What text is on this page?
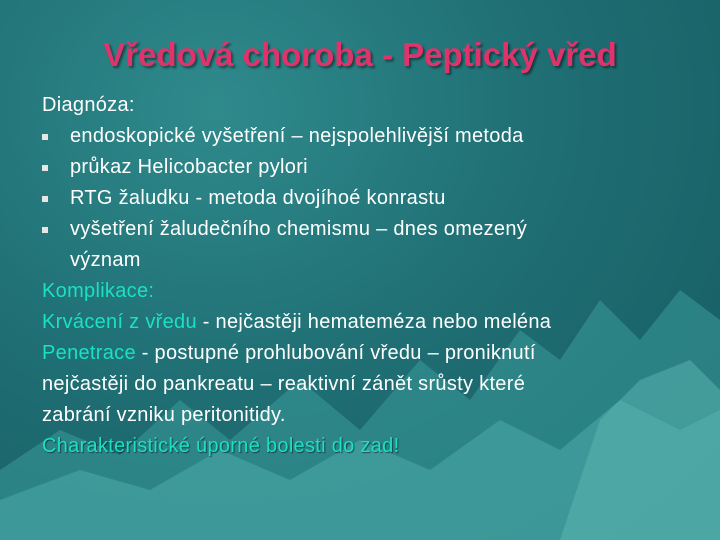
Vředová choroba - Peptický vřed

Diagnóza:

endoskopické vyšetření – nejspolehlivější metoda
průkaz Helicobacter pylori
RTG žaludku - metoda dvojíhoé konrastu
vyšetření žaludečního chemismu – dnes omezený
význam
Komplikace:
Krvácení z vředu - nejčastěji hemateméza nebo meléna
Penetrace - postupné prohlubování vředu – proniknutí
nejčastěji do pankreatu – reaktivní zánět srůsty které
zabrání vzniku peritonitidy.
Charakteristické úporné bolesti do zad!
